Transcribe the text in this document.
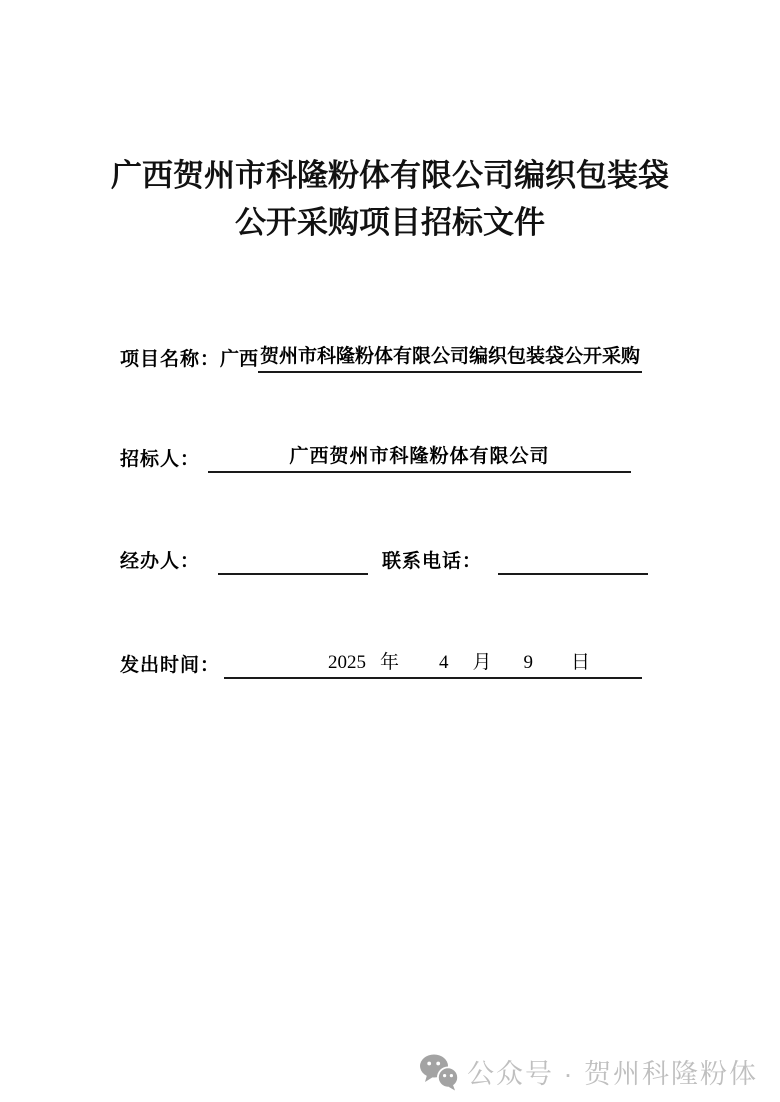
广西贺州市科隆粉体有限公司编织包装袋
公开采购项目招标文件
项目名称：广西 贺州市科隆粉体有限公司编织包装袋公开采购
招标人：	广西贺州市科隆粉体有限公司
经办人：	联系电话：
发出时间：	2025 年 4 月 9 日
公众号 · 贺州科隆粉体
